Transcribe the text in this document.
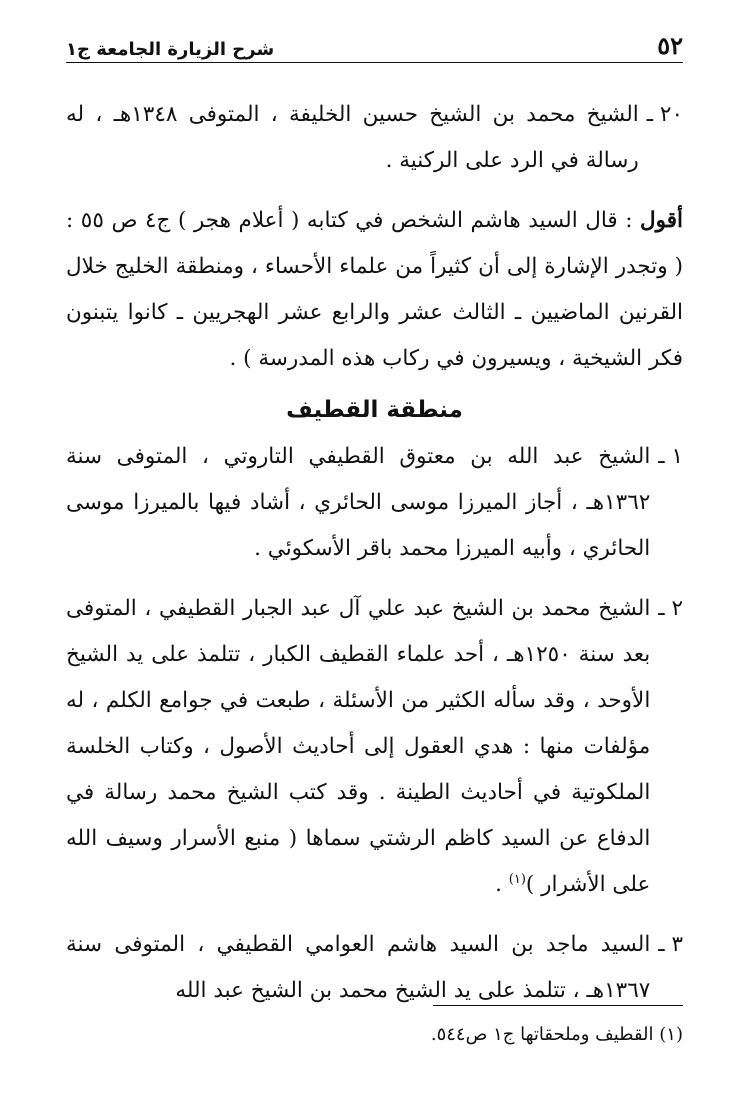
٥٢
شرح الزيارة الجامعة ج١
٢٠ ـ
الشيخ محمد بن الشيخ حسين الخليفة ، المتوفى ١٣٤٨هـ ، له رسالة في الرد على الركنية .

أقول : قال السيد هاشم الشخص في كتابه ( أعلام هجر ) ج٤ ص ٥٥ : ( وتجدر الإشارة إلى أن كثيراً من علماء الأحساء ، ومنطقة الخليج خلال القرنين الماضيين ـ الثالث عشر والرابع عشر الهجريين ـ كانوا يتبنون فكر الشيخية ، ويسيرون في ركاب هذه المدرسة ) .

منطقة القطيف
١ ـ
الشيخ عبد الله بن معتوق القطيفي التاروتي ، المتوفى سنة ١٣٦٢هـ ، أجاز الميرزا موسى الحائري ، أشاد فيها بالميرزا موسى الحائري ، وأبيه الميرزا محمد باقر الأسكوئي .
٢ ـ
الشيخ محمد بن الشيخ عبد علي آل عبد الجبار القطيفي ، المتوفى بعد سنة ١٢٥٠هـ ، أحد علماء القطيف الكبار ، تتلمذ على يد الشيخ الأوحد ، وقد سأله الكثير من الأسئلة ، طبعت في جوامع الكلم ، له مؤلفات منها : هدي العقول إلى أحاديث الأصول ، وكتاب الخلسة الملكوتية في أحاديث الطينة . وقد كتب الشيخ محمد رسالة في الدفاع عن السيد كاظم الرشتي سماها ( منبع الأسرار وسيف الله على الأشرار )$^{(١)}$ .
٣ ـ
السيد ماجد بن السيد هاشم العوامي القطيفي ، المتوفى سنة ١٣٦٧هـ ، تتلمذ على يد الشيخ محمد بن الشيخ عبد الله
(١) القطيف وملحقاتها ج١ ص٥٤٤.
